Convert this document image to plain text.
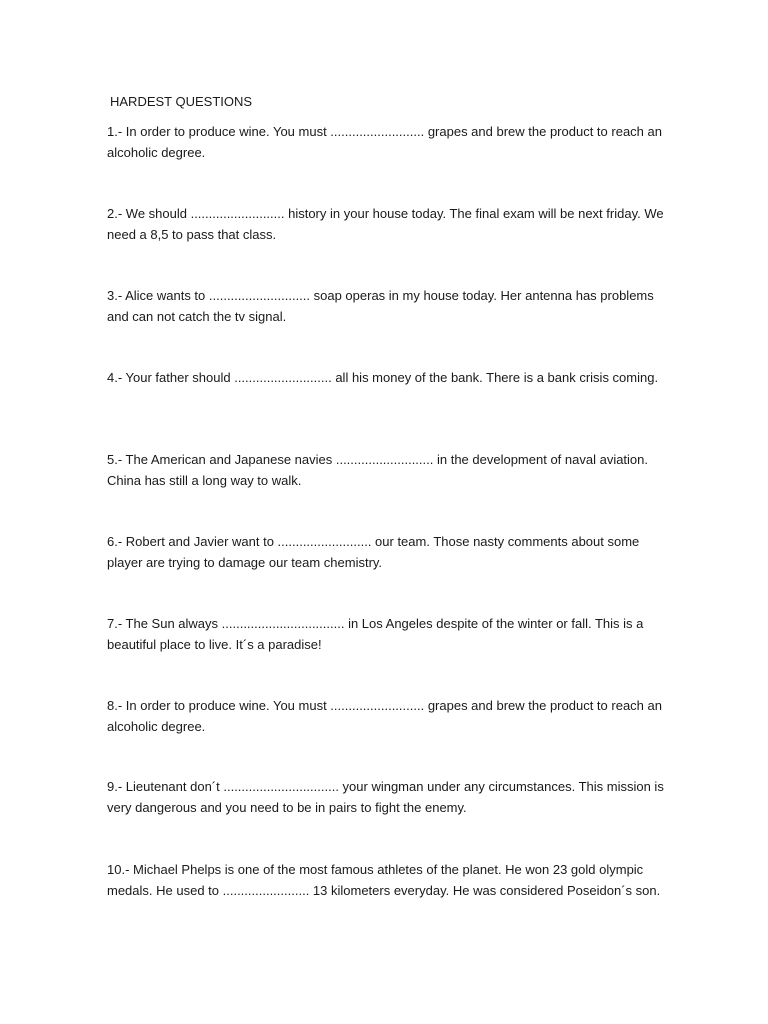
HARDEST QUESTIONS

1.- In order to produce wine. You must .......................... grapes and brew the product to reach an alcoholic degree.

2.- We should .......................... history in your house today. The final exam will be next friday. We need a 8,5 to pass that class.

3.- Alice wants to ............................ soap operas in my house today. Her antenna has problems and can not catch the tv signal.

4.- Your father should ........................... all his money of the bank. There is a bank crisis coming.

5.- The American and Japanese navies ........................... in the development of naval aviation. China has still a long way to walk.

6.- Robert and Javier want to .......................... our team. Those nasty comments about some player are trying to damage our team chemistry.

7.- The Sun always .................................. in Los Angeles despite of the winter or fall. This is a beautiful place to live. It´s a paradise!

8.- In order to produce wine. You must .......................... grapes and brew the product to reach an alcoholic degree.

9.- Lieutenant don´t ................................ your wingman under any circumstances. This mission is very dangerous and you need to be in pairs to fight the enemy.

10.- Michael Phelps is one of the most famous athletes of the planet. He won 23 gold olympic medals. He used to ........................ 13 kilometers everyday. He was considered Poseidon´s son.
